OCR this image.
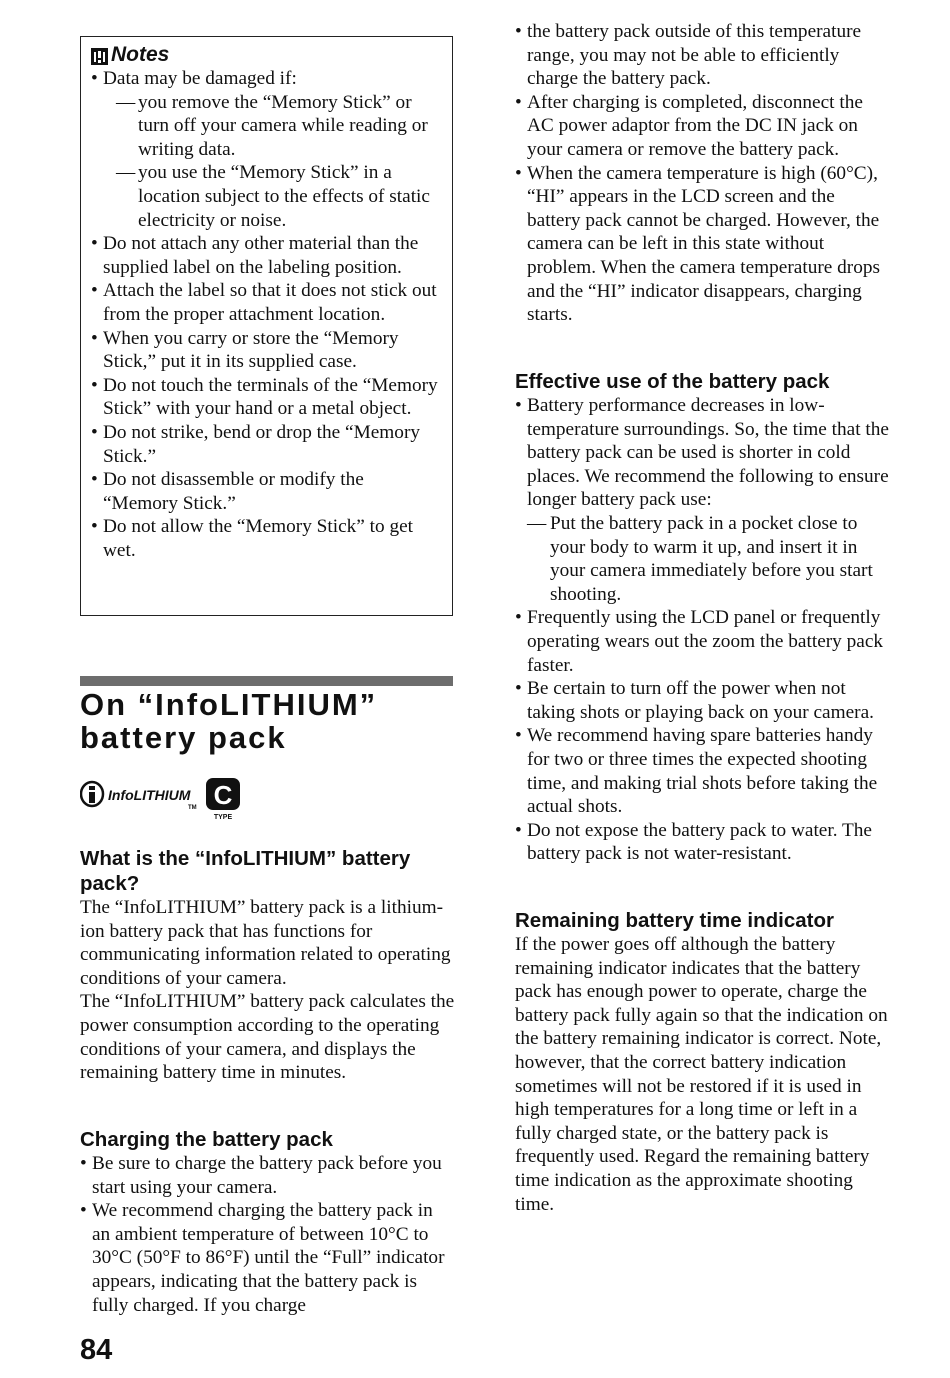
Notes
• Data may be damaged if:
— you remove the “Memory Stick” or turn off your camera while reading or writing data.
— you use the “Memory Stick” in a location subject to the effects of static electricity or noise.
• Do not attach any other material than the supplied label on the labeling position.
• Attach the label so that it does not stick out from the proper attachment location.
• When you carry or store the “Memory Stick,” put it in its supplied case.
• Do not touch the terminals of the “Memory Stick” with your hand or a metal object.
• Do not strike, bend or drop the “Memory Stick.”
• Do not disassemble or modify the “Memory Stick.”
• Do not allow the “Memory Stick” to get wet.
On “InfoLITHIUM” battery pack
InfoLITHIUM
TM C
TYPE

What is the “InfoLITHIUM” battery pack?

The “InfoLITHIUM” battery pack is a lithium-ion battery pack that has functions for communicating information related to operating conditions of your camera.

The “InfoLITHIUM” battery pack calculates the power consumption according to the operating conditions of your camera, and displays the remaining battery time in minutes.

Charging the battery pack

• Be sure to charge the battery pack before you start using your camera.
• We recommend charging the battery pack in an ambient temperature of between 10°C to 30°C (50°F to 86°F) until the “Full” indicator appears, indicating that the battery pack is fully charged. If you charge
• the battery pack outside of this temperature range, you may not be able to efficiently charge the battery pack.
• After charging is completed, disconnect the AC power adaptor from the DC IN jack on your camera or remove the battery pack.
• When the camera temperature is high (60°C), “HI” appears in the LCD screen and the battery pack cannot be charged. However, the camera can be left in this state without problem. When the camera temperature drops and the “HI” indicator disappears, charging starts.

Effective use of the battery pack

• Battery performance decreases in low-temperature surroundings. So, the time that the battery pack can be used is shorter in cold places. We recommend the following to ensure longer battery pack use:
— Put the battery pack in a pocket close to your body to warm it up, and insert it in your camera immediately before you start shooting.
• Frequently using the LCD panel or frequently operating wears out the zoom the battery pack faster.
• Be certain to turn off the power when not taking shots or playing back on your camera.
• We recommend having spare batteries handy for two or three times the expected shooting time, and making trial shots before taking the actual shots.
• Do not expose the battery pack to water. The battery pack is not water-resistant.

Remaining battery time indicator

If the power goes off although the battery remaining indicator indicates that the battery pack has enough power to operate, charge the battery pack fully again so that the indication on the battery remaining indicator is correct. Note, however, that the correct battery indication sometimes will not be restored if it is used in high temperatures for a long time or left in a fully charged state, or the battery pack is frequently used. Regard the remaining battery time indication as the approximate shooting time.

84
